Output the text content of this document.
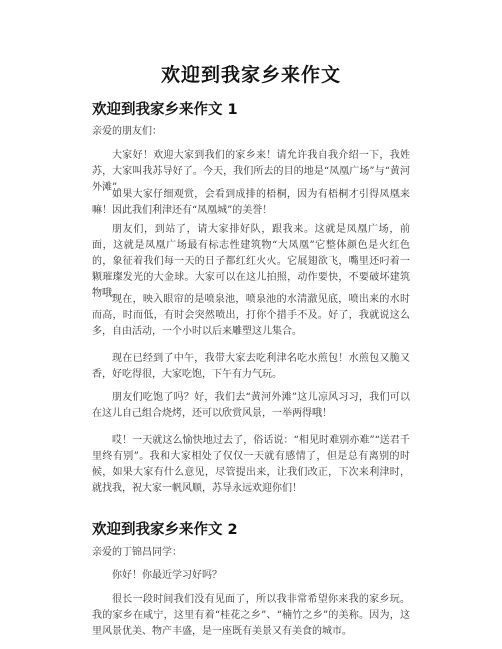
欢迎到我家乡来作文
欢迎到我家乡来作文 1

亲爱的朋友们：

大家好！欢迎大家到我们的家乡来！请允许我自我介绍一下，我姓苏，大家叫我苏导好了。今天，我们所去的目的地是“凤凰广场”与“黄河外滩”。

如果大家仔细观赏，会看到成排的梧桐，因为有梧桐才引得凤凰来嘛！因此我们利津还有“凤凰城”的美誉！

朋友们，到站了，请大家排好队，跟我来。这就是凤凰广场，前面，这就是凤凰广场最有标志性建筑物“大凤凰”它整体颜色是火红色的，象征着我们每一天的日子都红红火火。它展翅欲飞，嘴里还叼着一颗璀璨发光的大金球。大家可以在这儿拍照，动作要快，不要破坏建筑物哦。

现在，映入眼帘的是喷泉池，喷泉池的水清澈见底，喷出来的水时而高，时而低，有时会突然喷出，打你个措手不及。好了，我就说这么多，自由活动，一个小时以后来雕塑这儿集合。

现在已经到了中午，我带大家去吃利津名吃水煎包！水煎包又脆又香，好吃得很，大家吃饱，下午有力气玩。

朋友们吃饱了吗？好，我们去“黄河外滩”这儿凉风习习，我们可以在这儿自己组合烧烤，还可以欣赏风景，一举两得哦！

哎！一天就这么愉快地过去了，俗话说：“相见时难别亦难”“送君千里终有别”。我和大家相处了仅仅一天就有感情了，但是总有离别的时候，如果大家有什么意见，尽管提出来，让我们改正，下次来利津时，就找我，祝大家一帆风顺，苏导永远欢迎你们！

欢迎到我家乡来作文 2

亲爱的丁锦昌同学：

你好！你最近学习好吗？

很长一段时间我们没有见面了，所以我非常希望你来我的家乡玩。我的家乡在咸宁，这里有着“桂花之乡”、“楠竹之乡”的美称。因为，这里风景优美、物产丰盛，是一座既有美景又有美食的城市。
